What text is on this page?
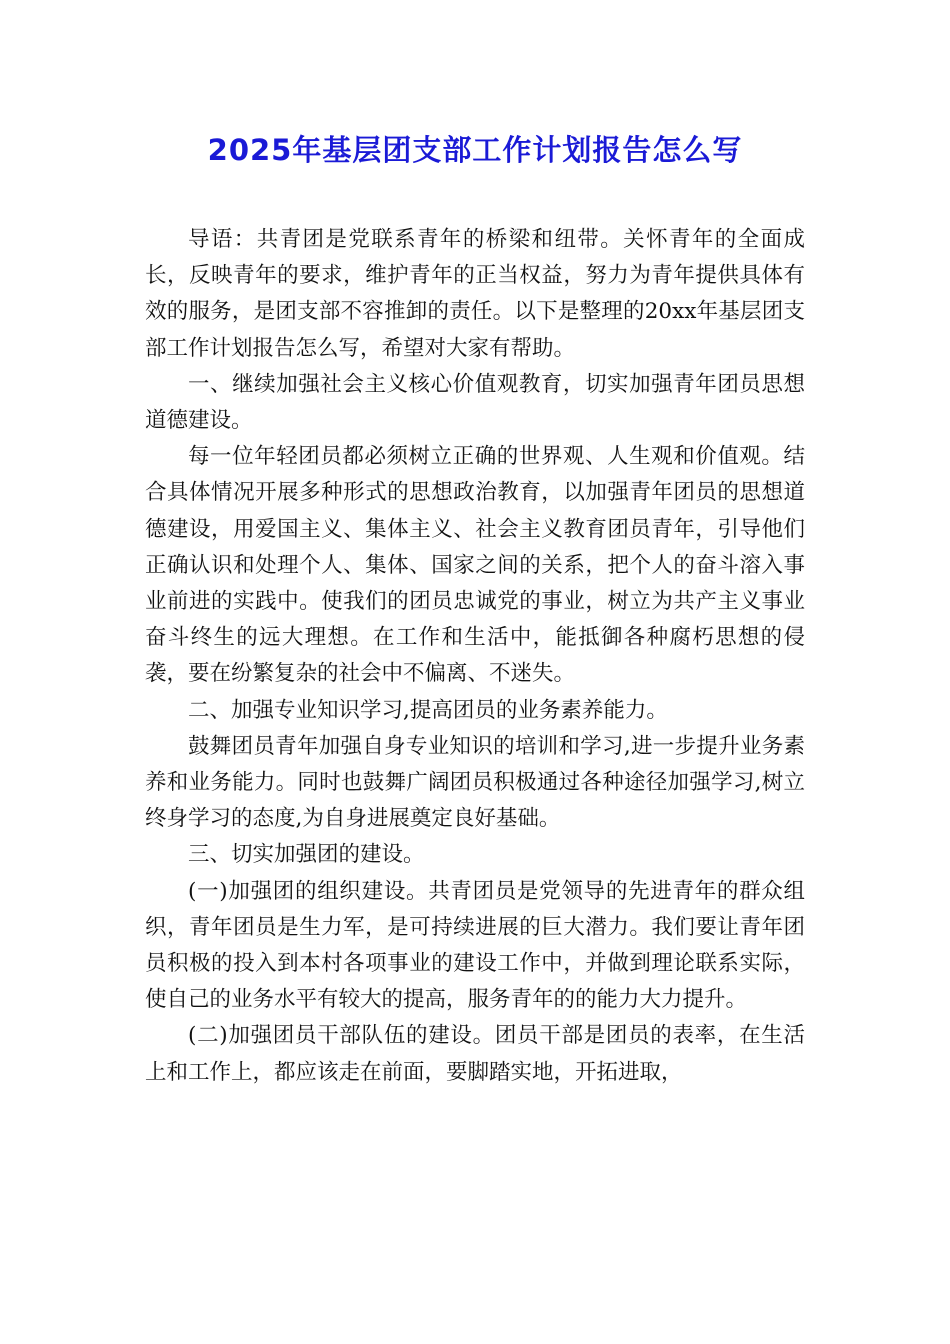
2025年基层团支部工作计划报告怎么写

导语：共青团是党联系青年的桥梁和纽带。关怀青年的全面成长，反映青年的要求，维护青年的正当权益，努力为青年提供具体有效的服务，是团支部不容推卸的责任。以下是整理的20xx年基层团支部工作计划报告怎么写，希望对大家有帮助。

一、继续加强社会主义核心价值观教育，切实加强青年团员思想道德建设。

每一位年轻团员都必须树立正确的世界观、人生观和价值观。结合具体情况开展多种形式的思想政治教育，以加强青年团员的思想道德建设，用爱国主义、集体主义、社会主义教育团员青年，引导他们正确认识和处理个人、集体、国家之间的关系，把个人的奋斗溶入事业前进的实践中。使我们的团员忠诚党的事业，树立为共产主义事业奋斗终生的远大理想。在工作和生活中，能抵御各种腐朽思想的侵袭，要在纷繁复杂的社会中不偏离、不迷失。

二、加强专业知识学习,提高团员的业务素养能力。

鼓舞团员青年加强自身专业知识的培训和学习,进一步提升业务素养和业务能力。同时也鼓舞广阔团员积极通过各种途径加强学习,树立终身学习的态度,为自身进展奠定良好基础。

三、切实加强团的建设。

(一)加强团的组织建设。共青团员是党领导的先进青年的群众组织，青年团员是生力军，是可持续进展的巨大潜力。我们要让青年团员积极的投入到本村各项事业的建设工作中，并做到理论联系实际，使自己的业务水平有较大的提高，服务青年的的能力大力提升。

(二)加强团员干部队伍的建设。团员干部是团员的表率，在生活上和工作上，都应该走在前面，要脚踏实地，开拓进取，
